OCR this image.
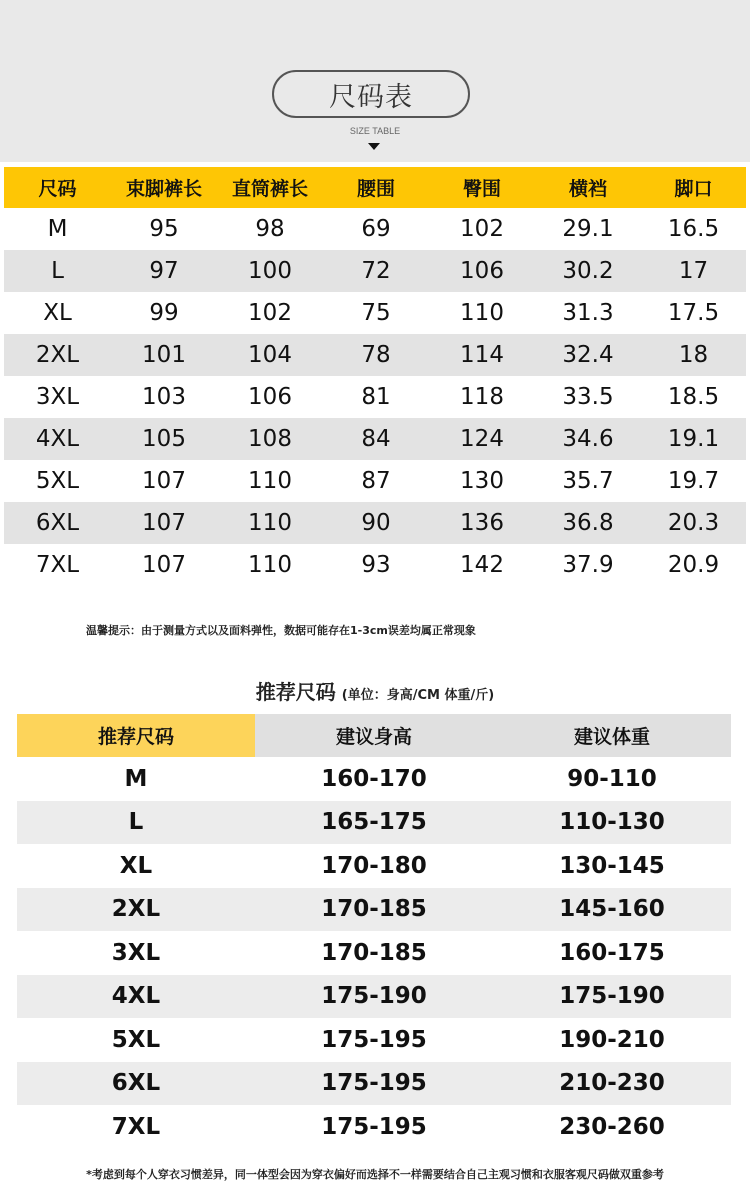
尺码表
SIZE TABLE
尺码	束脚裤长	直筒裤长	腰围	臀围	横裆	脚口
M	95	98	69	102	29.1	16.5
L	97	100	72	106	30.2	17
XL	99	102	75	110	31.3	17.5
2XL	101	104	78	114	32.4	18
3XL	103	106	81	118	33.5	18.5
4XL	105	108	84	124	34.6	19.1
5XL	107	110	87	130	35.7	19.7
6XL	107	110	90	136	36.8	20.3
7XL	107	110	93	142	37.9	20.9
温馨提示：由于测量方式以及面料弹性，数据可能存在1-3cm误差均属正常现象
推荐尺码 (单位：身高/CM 体重/斤)
推荐尺码	建议身高	建议体重
M	160-170	90-110
L	165-175	110-130
XL	170-180	130-145
2XL	170-185	145-160
3XL	170-185	160-175
4XL	175-190	175-190
5XL	175-195	190-210
6XL	175-195	210-230
7XL	175-195	230-260
*考虑到每个人穿衣习惯差异，同一体型会因为穿衣偏好而选择不一样需要结合自己主观习惯和衣服客观尺码做双重参考
